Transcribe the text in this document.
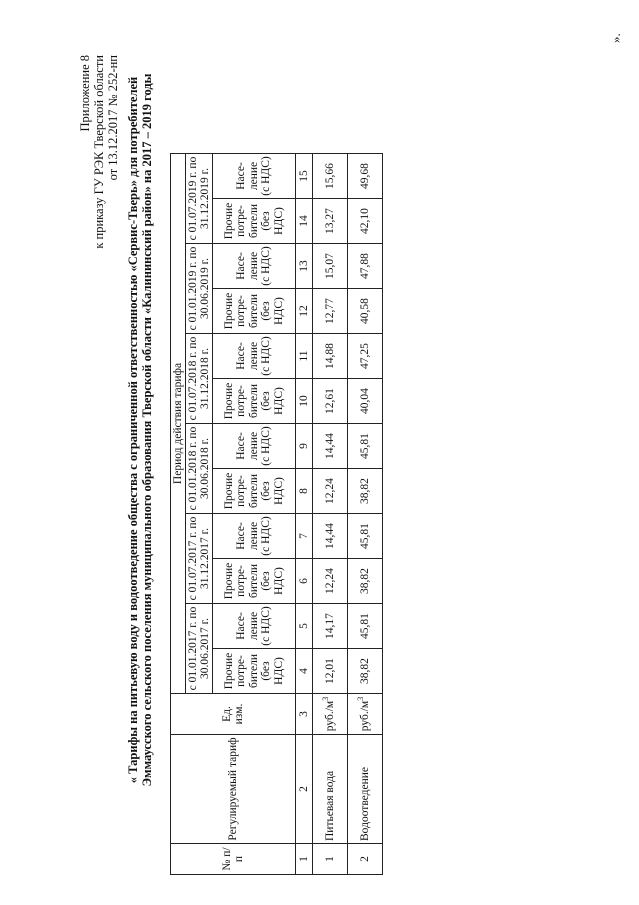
Приложение 8 к приказу ГУ РЭК Тверской области от 13.12.2017 № 252-нп « Тарифы на питьевую воду и водоотведение общества с ограниченной ответственностью «Сервис-Тверь» для потребителей Эммаусского сельского поселения муниципального образования Тверской области «Калининский район» на 2017 – 2019 годы
№ п/ п	Регулируемый тариф	Ед. изм.	Период действия тарифа											
			с 01.01.2017 г. по 30.06.2017 г.		с 01.07.2017 г. по 31.12.2017 г.		с 01.01.2018 г. по 30.06.2018 г.		с 01.07.2018 г. по 31.12.2018 г.		с 01.01.2019 г. по 30.06.2019 г.		с 01.07.2019 г. по 31.12.2019 г.	
			Прочие потре- бители (без НДС)	Насе- ление (с НДС)	Прочие потре- бители (без НДС)	Насе- ление (с НДС)	Прочие потре- бители (без НДС)	Насе- ление (с НДС)	Прочие потре- бители (без НДС)	Насе- ление (с НДС)	Прочие потре- бители (без НДС)	Насе- ление (с НДС)	Прочие потре- бители (без НДС)	Насе- ление (с НДС)
1	2	3	4	5	6	7	8	9	10	11	12	13	14	15
1	Питьевая вода	$руб./м^3$	12,01	14,17	12,24	14,44	12,24	14,44	12,61	14,88	12,77	15,07	13,27	15,66
2	Водоотведение	$руб./м^3$	38,82	45,81	38,82	45,81	38,82	45,81	40,04	47,25	40,58	47,88	42,10	49,68
».
